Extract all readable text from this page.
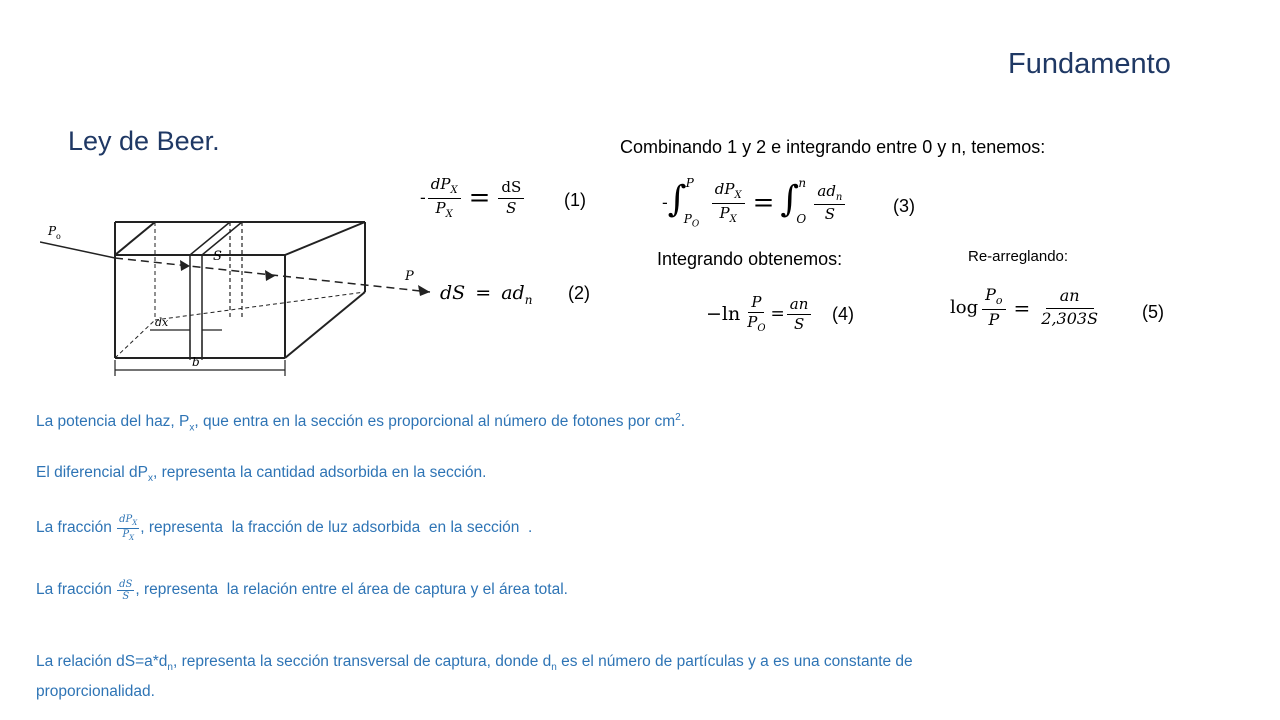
Fundamento
Ley de Beer.
P o
S
P
dx
b
- $\frac{dP_X}{P_X} = \frac{dS}{S} (1)$
dS = $ad_n$ (2)
Combinando 1 y 2 e integrando entre 0 y n, tenemos:
- ∫ P
$P_O \frac{dP_X}{P_X}$ = ∫ n
O $\frac{ad_n}{S}$	(3)
Integrando obtenemos:	Re-arreglando:
$-\ln \frac{P}{P_O} = \frac{an}{S} (4)$	$\log \frac{P_o}{P} = \frac{an}{2,303S} (5)$
La potencia del haz, $P_x$, que entra en la sección es proporcional al número de fotones por $cm^2$.
El diferencial $dP_x$, representa la cantidad adsorbida en la sección.
La fracción $\frac{dP_X}{P_X}$ , representa  la fracción de luz adsorbida  en la sección  .
La fracción $\frac{dS}{S}$ , representa  la relación entre el área de captura y el área total.
La relación $dS=a*d_n$, representa la sección transversal de captura, donde $d_n$ es el número de partículas y a es una constante de
proporcionalidad.
